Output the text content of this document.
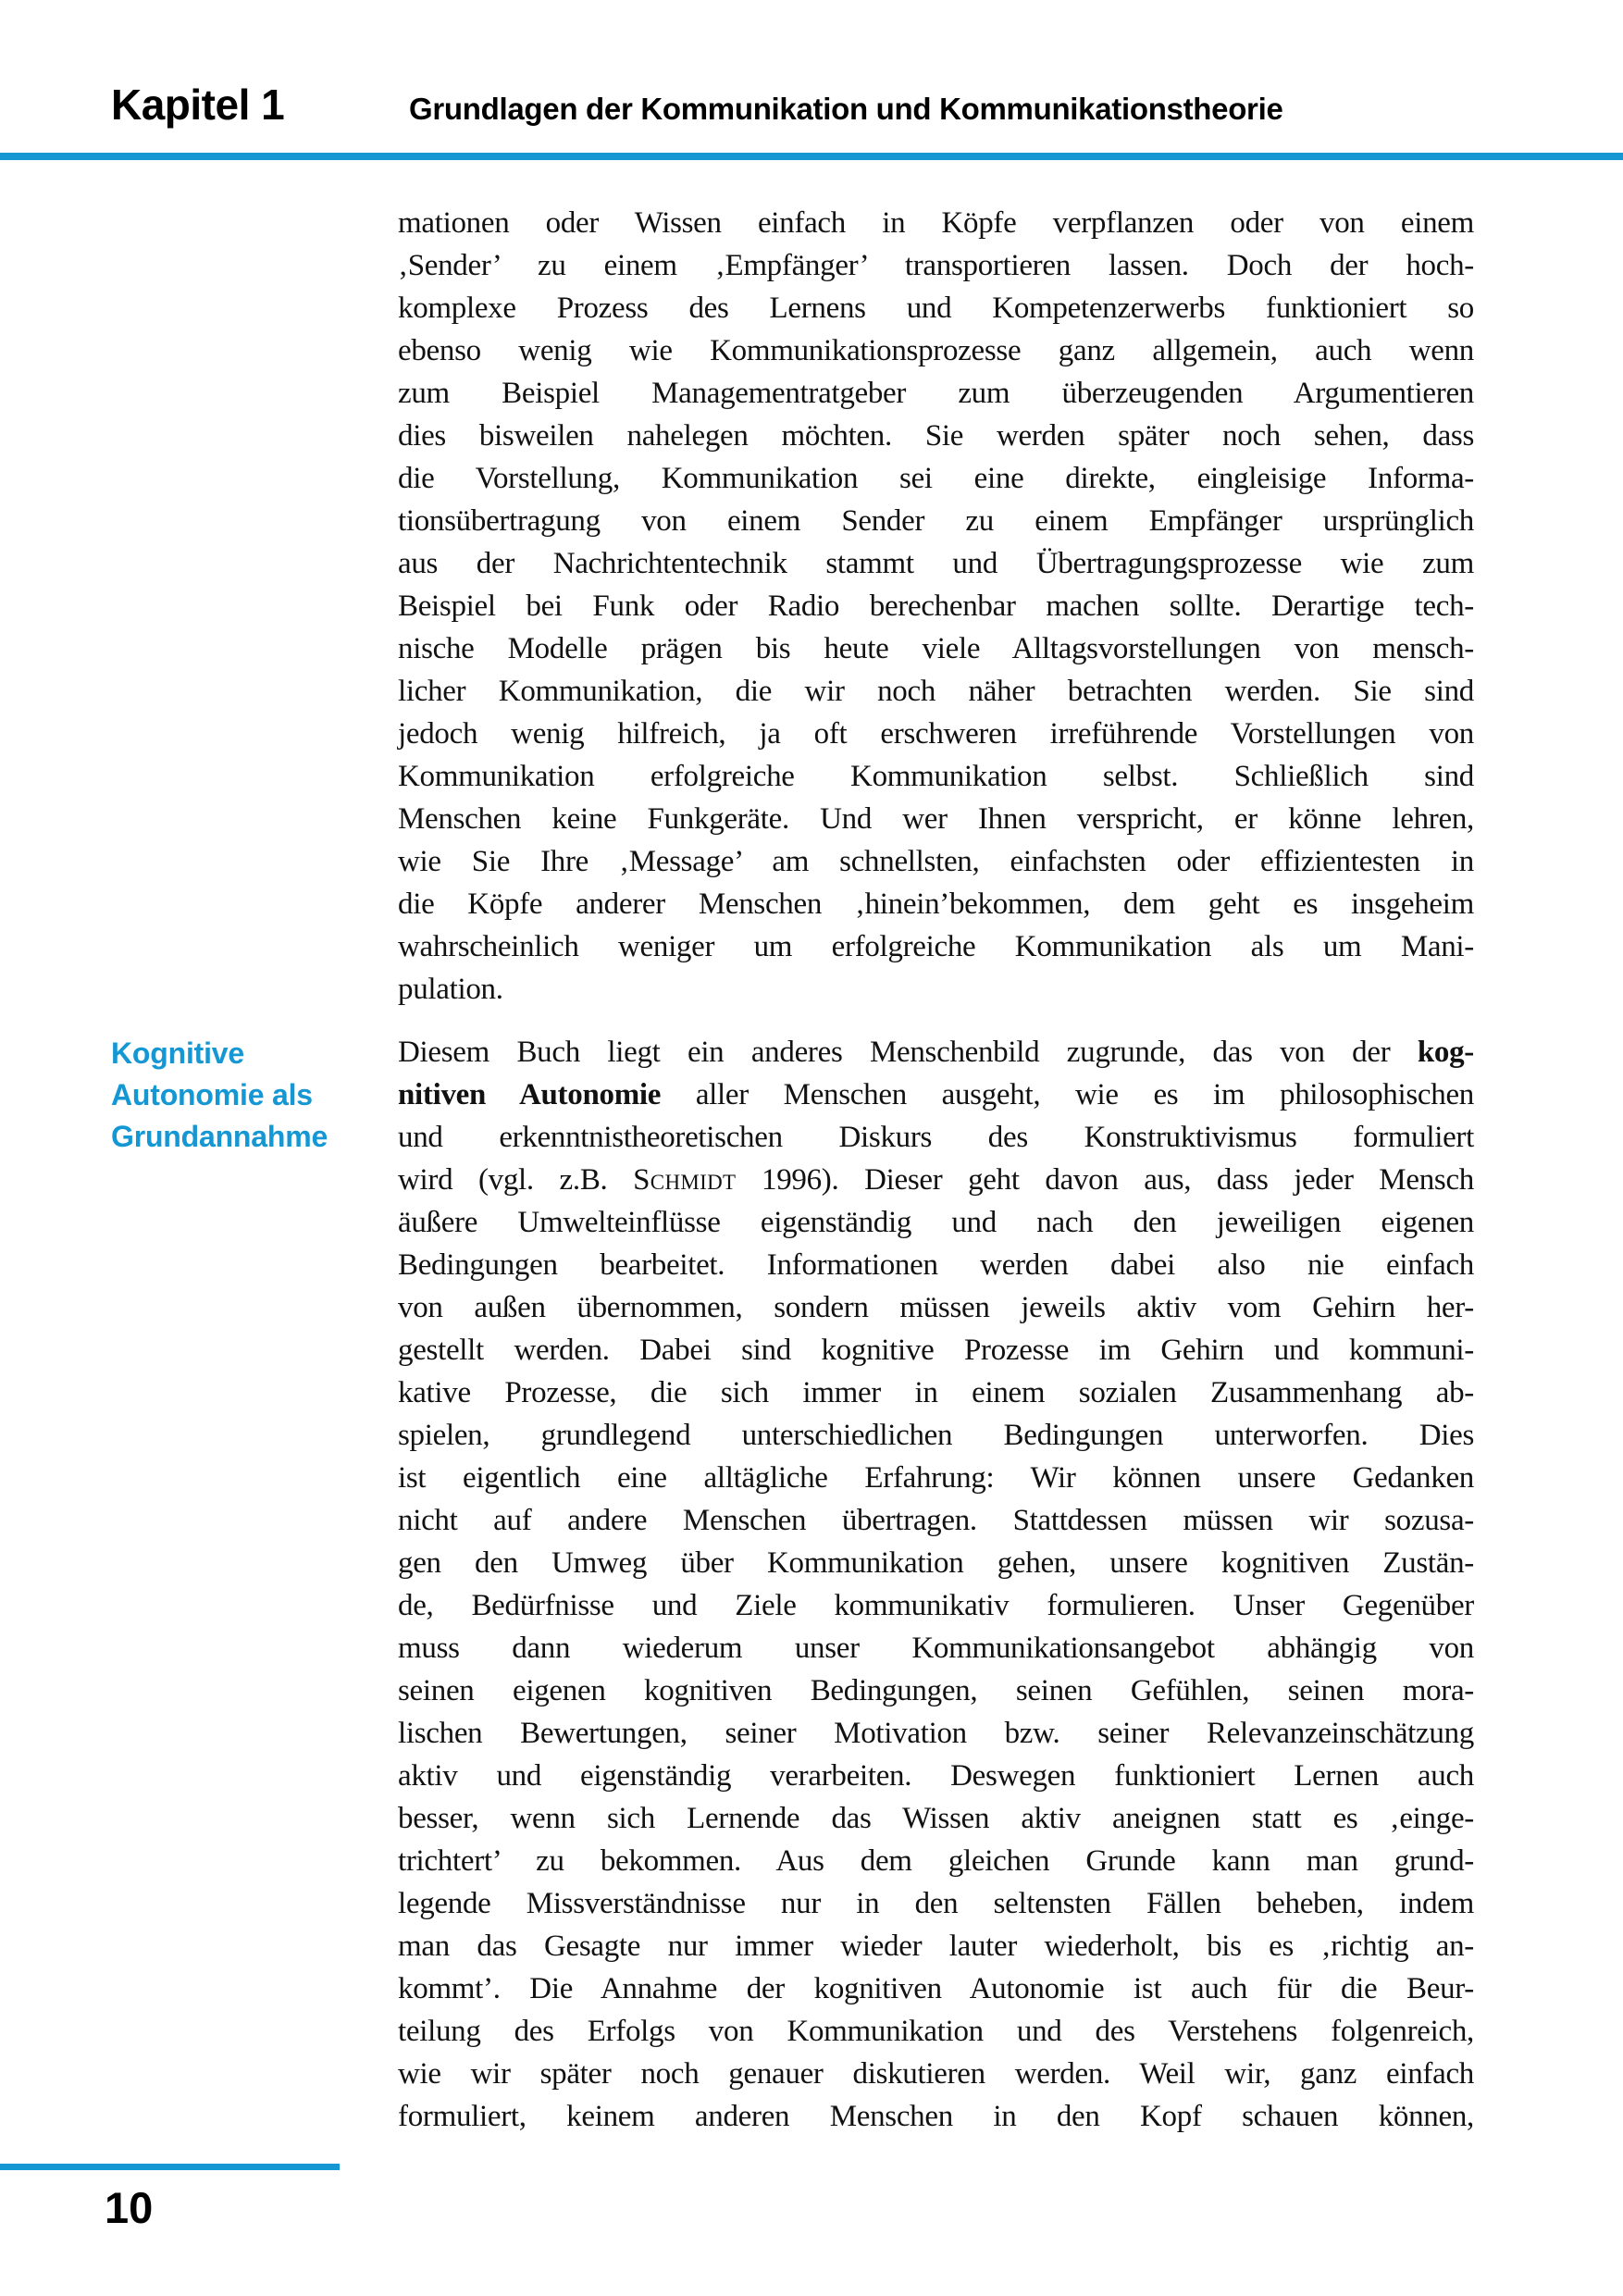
Kapitel 1	Grundlagen der Kommunikation und Kommunikationstheorie
Kognitive
Autonomie als
Grundannahme
mationen oder Wissen einfach in Köpfe verpflanzen oder von einem
‚Sender’ zu einem ‚Empfänger’ transportieren lassen. Doch der hoch-
komplexe Prozess des Lernens und Kompetenzerwerbs funktioniert so
ebenso wenig wie Kommunikationsprozesse ganz allgemein, auch wenn
zum Beispiel Managementratgeber zum überzeugenden Argumentieren
dies bisweilen nahelegen möchten. Sie werden später noch sehen, dass
die Vorstellung, Kommunikation sei eine direkte, eingleisige Informa-
tionsübertragung von einem Sender zu einem Empfänger ursprünglich
aus der Nachrichtentechnik stammt und Übertragungsprozesse wie zum
Beispiel bei Funk oder Radio berechenbar machen sollte. Derartige tech-
nische Modelle prägen bis heute viele Alltagsvorstellungen von mensch-
licher Kommunikation, die wir noch näher betrachten werden. Sie sind
jedoch wenig hilfreich, ja oft erschweren irreführende Vorstellungen von
Kommunikation erfolgreiche Kommunikation selbst. Schließlich sind
Menschen keine Funkgeräte. Und wer Ihnen verspricht, er könne lehren,
wie Sie Ihre ‚Message’ am schnellsten, einfachsten oder effizientesten in
die Köpfe anderer Menschen ‚hinein’bekommen, dem geht es insgeheim
wahrscheinlich weniger um erfolgreiche Kommunikation als um Mani-
pulation.
Diesem Buch liegt ein anderes Menschenbild zugrunde, das von der kog-
nitiven Autonomie aller Menschen ausgeht, wie es im philosophischen
und erkenntnistheoretischen Diskurs des Konstruktivismus formuliert
wird (vgl. z.B. Schmidt 1996). Dieser geht davon aus, dass jeder Mensch
äußere Umwelteinflüsse eigenständig und nach den jeweiligen eigenen
Bedingungen bearbeitet. Informationen werden dabei also nie einfach
von außen übernommen, sondern müssen jeweils aktiv vom Gehirn her-
gestellt werden. Dabei sind kognitive Prozesse im Gehirn und kommuni-
kative Prozesse, die sich immer in einem sozialen Zusammenhang ab-
spielen, grundlegend unterschiedlichen Bedingungen unterworfen. Dies
ist eigentlich eine alltägliche Erfahrung: Wir können unsere Gedanken
nicht auf andere Menschen übertragen. Stattdessen müssen wir sozusa-
gen den Umweg über Kommunikation gehen, unsere kognitiven Zustän-
de, Bedürfnisse und Ziele kommunikativ formulieren. Unser Gegenüber
muss dann wiederum unser Kommunikationsangebot abhängig von
seinen eigenen kognitiven Bedingungen, seinen Gefühlen, seinen mora-
lischen Bewertungen, seiner Motivation bzw. seiner Relevanzeinschätzung
aktiv und eigenständig verarbeiten. Deswegen funktioniert Lernen auch
besser, wenn sich Lernende das Wissen aktiv aneignen statt es ‚einge-
trichtert’ zu bekommen. Aus dem gleichen Grunde kann man grund-
legende Missverständnisse nur in den seltensten Fällen beheben, indem
man das Gesagte nur immer wieder lauter wiederholt, bis es ‚richtig an-
kommt’. Die Annahme der kognitiven Autonomie ist auch für die Beur-
teilung des Erfolgs von Kommunikation und des Verstehens folgenreich,
wie wir später noch genauer diskutieren werden. Weil wir, ganz einfach
formuliert, keinem anderen Menschen in den Kopf schauen können,
10
